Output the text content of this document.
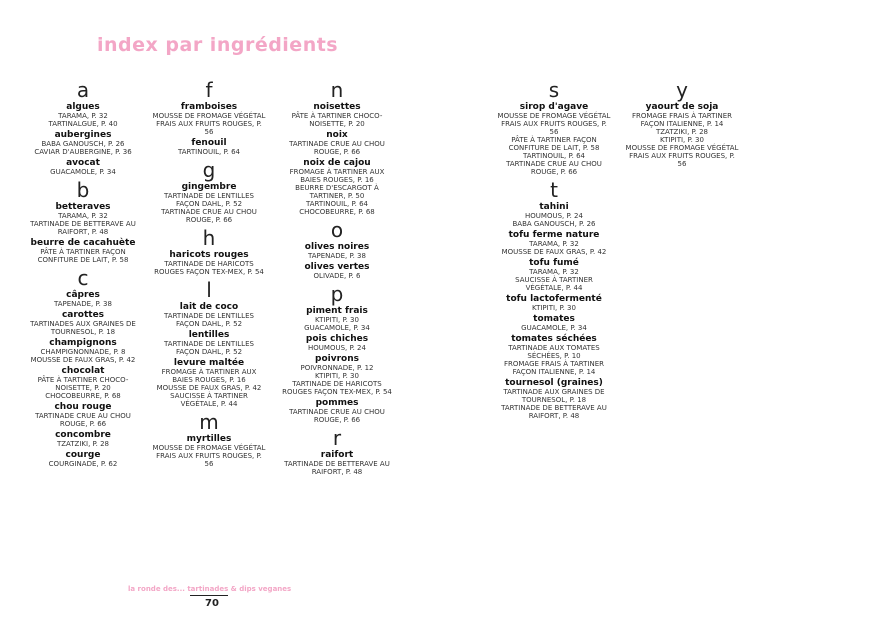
index par ingrédients
a
algues
TARAMA, P. 32
TARTINALGUE, P. 40
aubergines
BABA GANOUSCH, P. 26
CAVIAR D'AUBERGINE, P. 36
avocat
GUACAMOLE, P. 34
b
betteraves
TARAMA, P. 32
TARTINADE DE BETTERAVE AU RAIFORT, P. 48
beurre de cacahuète
PÂTE À TARTINER FAÇON CONFITURE DE LAIT, P. 58
c
câpres
TAPENADE, P. 38
carottes
TARTINADES AUX GRAINES DE TOURNESOL, P. 18
champignons
CHAMPIGNONNADE, P. 8
MOUSSE DE FAUX GRAS, P. 42
chocolat
PÂTE À TARTINER CHOCO-NOISETTE, P. 20
CHOCOBEURRE, P. 68
chou rouge
TARTINADE CRUE AU CHOU ROUGE, P. 66
concombre
TZATZIKI, P. 28
courge
COURGINADE, P. 62
f
framboises
MOUSSE DE FROMAGE VÉGÉTAL FRAIS AUX FRUITS ROUGES, P. 56
fenouil
TARTINOUIL, P. 64
g
gingembre
TARTINADE DE LENTILLES FAÇON DAHL, P. 52
TARTINADE CRUE AU CHOU ROUGE, P. 66
h
haricots rouges
TARTINADE DE HARICOTS ROUGES FAÇON TEX-MEX, P. 54
l
lait de coco
TARTINADE DE LENTILLES FAÇON DAHL, P. 52
lentilles
TARTINADE DE LENTILLES FAÇON DAHL, P. 52
levure maltée
FROMAGE À TARTINER AUX BAIES ROUGES, P. 16
MOUSSE DE FAUX GRAS, P. 42
SAUCISSE À TARTINER VÉGÉTALE, P. 44
m
myrtilles
MOUSSE DE FROMAGE VÉGÉTAL FRAIS AUX FRUITS ROUGES, P. 56
n
noisettes
PÂTE À TARTINER CHOCO-NOISETTE, P. 20
noix
TARTINADE CRUE AU CHOU ROUGE, P. 66
noix de cajou
FROMAGE À TARTINER AUX BAIES ROUGES, P. 16
BEURRE D'ESCARGOT À TARTINER, P. 50
TARTINOUIL, P. 64
CHOCOBEURRE, P. 68
o
olives noires
TAPENADE, P. 38
olives vertes
OLIVADE, P. 6
p
piment frais
KTIPITI, P. 30
GUACAMOLE, P. 34
pois chiches
HOUMOUS, P. 24
poivrons
POIVRONNADE, P. 12
KTIPITI, P. 30
TARTINADE DE HARICOTS ROUGES FAÇON TEX-MEX, P. 54
pommes
TARTINADE CRUE AU CHOU ROUGE, P. 66
r
raifort
TARTINADE DE BETTERAVE AU RAIFORT, P. 48
s
sirop d'agave
MOUSSE DE FROMAGE VÉGÉTAL FRAIS AUX FRUITS ROUGES, P. 56
PÂTE À TARTINER FAÇON CONFITURE DE LAIT, P. 58
TARTINOUIL, P. 64
TARTINADE CRUE AU CHOU ROUGE, P. 66
t
tahini
HOUMOUS, P. 24
BABA GANOUSCH, P. 26
tofu ferme nature
TARAMA, P. 32
MOUSSE DE FAUX GRAS, P. 42
tofu fumé
TARAMA, P. 32
SAUCISSE À TARTINER VÉGÉTALE, P. 44
tofu lactofermenté
KTIPITI, P. 30
tomates
GUACAMOLE, P. 34
tomates séchées
TARTINADE AUX TOMATES SÉCHÉES, P. 10
FROMAGE FRAIS À TARTINER FAÇON ITALIENNE, P. 14
tournesol (graines)
TARTINADE AUX GRAINES DE TOURNESOL, P. 18
TARTINADE DE BETTERAVE AU RAIFORT, P. 48
y
yaourt de soja
FROMAGE FRAIS À TARTINER FAÇON ITALIENNE, P. 14
TZATZIKI, P. 28
KTIPITI, P. 30
MOUSSE DE FROMAGE VÉGÉTAL FRAIS AUX FRUITS ROUGES, P. 56
la ronde des... tartinades & dips veganes
70
